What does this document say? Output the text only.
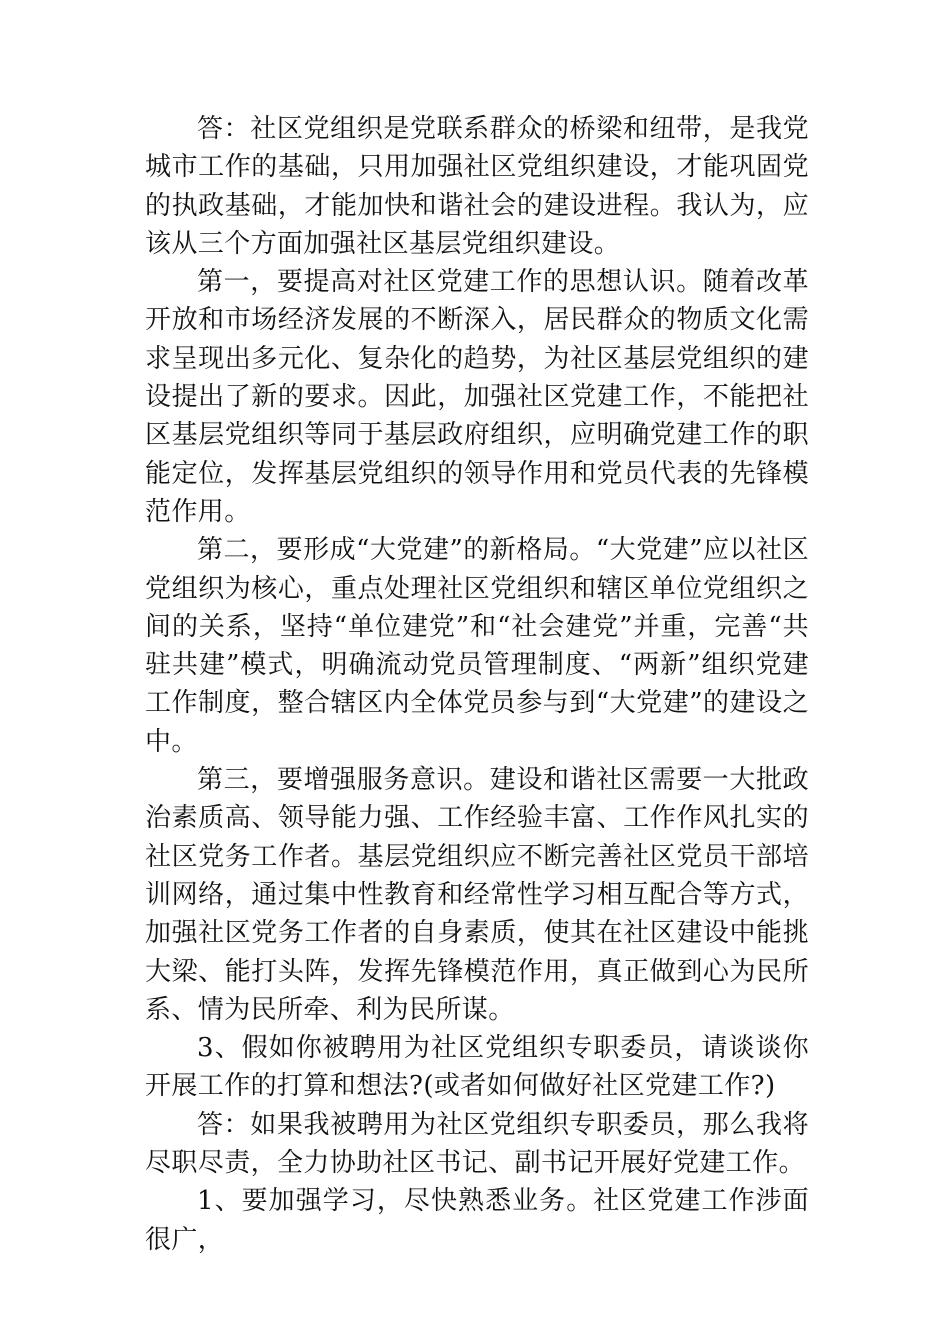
答：社区党组织是党联系群众的桥梁和纽带，是我党城市工作的基础，只用加强社区党组织建设，才能巩固党的执政基础，才能加快和谐社会的建设进程。我认为，应该从三个方面加强社区基层党组织建设。

第一，要提高对社区党建工作的思想认识。随着改革开放和市场经济发展的不断深入，居民群众的物质文化需求呈现出多元化、复杂化的趋势，为社区基层党组织的建设提出了新的要求。因此，加强社区党建工作，不能把社区基层党组织等同于基层政府组织，应明确党建工作的职能定位，发挥基层党组织的领导作用和党员代表的先锋模范作用。

第二，要形成“大党建”的新格局。“大党建”应以社区党组织为核心，重点处理社区党组织和辖区单位党组织之间的关系，坚持“单位建党”和“社会建党”并重，完善“共驻共建”模式，明确流动党员管理制度、“两新”组织党建工作制度，整合辖区内全体党员参与到“大党建”的建设之中。

第三，要增强服务意识。建设和谐社区需要一大批政治素质高、领导能力强、工作经验丰富、工作作风扎实的社区党务工作者。基层党组织应不断完善社区党员干部培训网络，通过集中性教育和经常性学习相互配合等方式，加强社区党务工作者的自身素质，使其在社区建设中能挑大梁、能打头阵，发挥先锋模范作用，真正做到心为民所系、情为民所牵、利为民所谋。

3、假如你被聘用为社区党组织专职委员，请谈谈你开展工作的打算和想法?(或者如何做好社区党建工作?)

答：如果我被聘用为社区党组织专职委员，那么我将尽职尽责，全力协助社区书记、副书记开展好党建工作。

1、要加强学习，尽快熟悉业务。社区党建工作涉面很广，
